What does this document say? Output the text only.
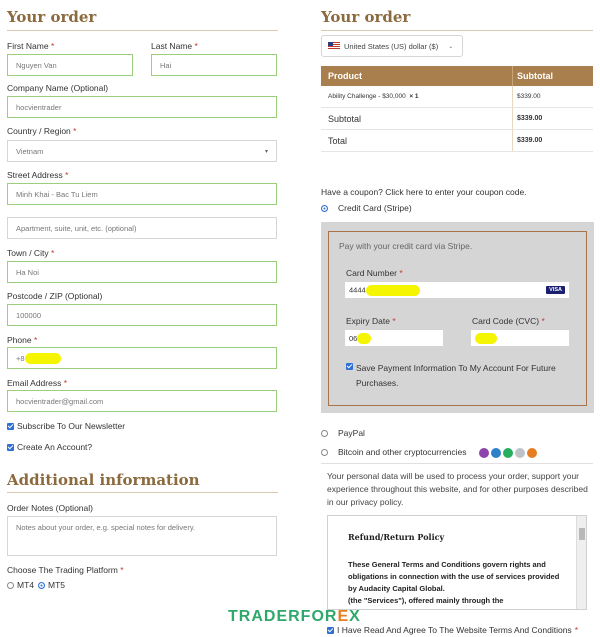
Your order
First Name *
Nguyen Van
Last Name *
Hai
Company Name (Optional)
hocvientrader
Country / Region *
Vietnam	▾
Street Address *
Minh Khai - Bac Tu Liem
Apartment, suite, unit, etc. (optional)
Town / City *
Ha Noi
Postcode / ZIP (Optional)
100000
Phone *
+8
Email Address *
hocvientrader@gmail.com
Subscribe To Our Newsletter
Create An Account?
Additional information
Order Notes (Optional)
Notes about your order, e.g. special notes for delivery.
Choose The Trading Platform *
MT4 MT5
Your order
United States (US) dollar ($) ⌄
Product	Subtotal
Ability Challenge - $30,000 × 1	$339.00
Subtotal	$339.00
Total	$339.00
Have a coupon? Click here to enter your coupon code.
Credit Card (Stripe)
Pay with your credit card via Stripe.
Card Number *
4444	VISA
Expiry Date *
06
Card Code (CVC) *
Save Payment Information To My Account For Future Purchases.
PayPal
Bitcoin and other cryptocurrencies
Your personal data will be used to process your order, support your experience throughout this website, and for other purposes described in our privacy policy.
Refund/Return Policy
These General Terms and Conditions govern rights and obligations in connection with the use of services provided by Audacity Capital Global.
(the "Services"), offered mainly through the
I Have Read And Agree To The Website Terms And Conditions *
TRADERFOREX
